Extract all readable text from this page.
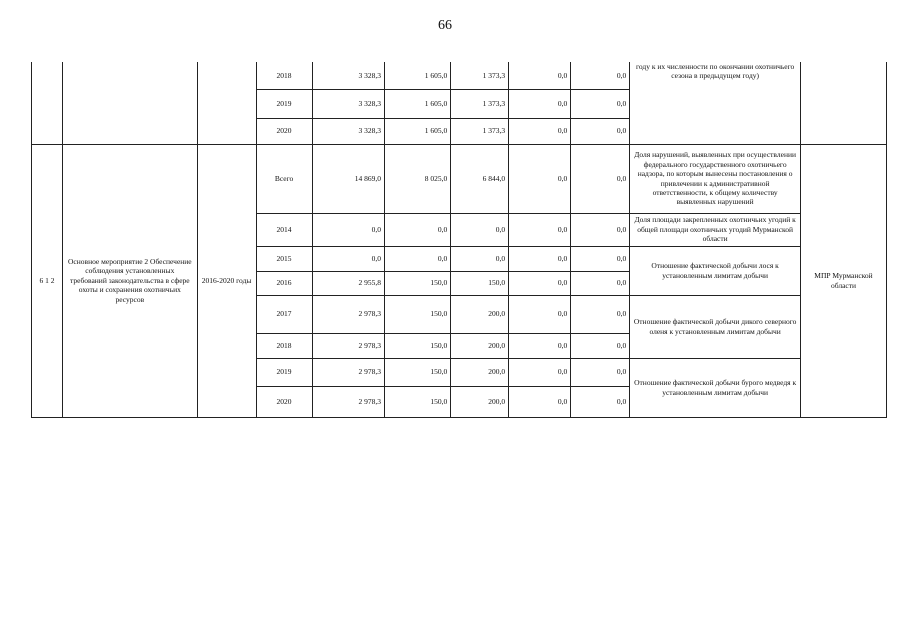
66
			2018	3 328,3	1 605,0	1 373,3	0,0	0,0	году к их численности по окончании охотничьего сезона в предыдущем году)	
			2019	3 328,3	1 605,0	1 373,3	0,0	0,0		
			2020	3 328,3	1 605,0	1 373,3	0,0	0,0		
6 1 2	Основное мероприятие 2 Обеспечение соблюдения установленных требований законодательства в сфере охоты и сохранения охотничьих ресурсов	2016-2020 годы	Всего	14 869,0	8 025,0	6 844,0	0,0	0,0	Доля нарушений, выявленных при осуществлении федерального государственного охотничьего надзора, по которым вынесены постановления о привлечении к административной ответственности, к общему количеству выявленных нарушений	МПР Мурманской области
			2014	0,0	0,0	0,0	0,0	0,0	Доля площади закрепленных охотничьих угодий к общей площади охотничьих угодий Мурманской области	
			2015	0,0	0,0	0,0	0,0	0,0	Отношение фактической добычи лося к установленным лимитам добычи	
			2016	2 955,8	150,0	150,0	0,0	0,0		
			2017	2 978,3	150,0	200,0	0,0	0,0	Отношение фактической добычи дикого северного оленя к установленным лимитам добычи	
			2018	2 978,3	150,0	200,0	0,0	0,0		
			2019	2 978,3	150,0	200,0	0,0	0,0	Отношение фактической добычи бурого медведя к установленным лимитам добычи	
			2020	2 978,3	150,0	200,0	0,0	0,0		
